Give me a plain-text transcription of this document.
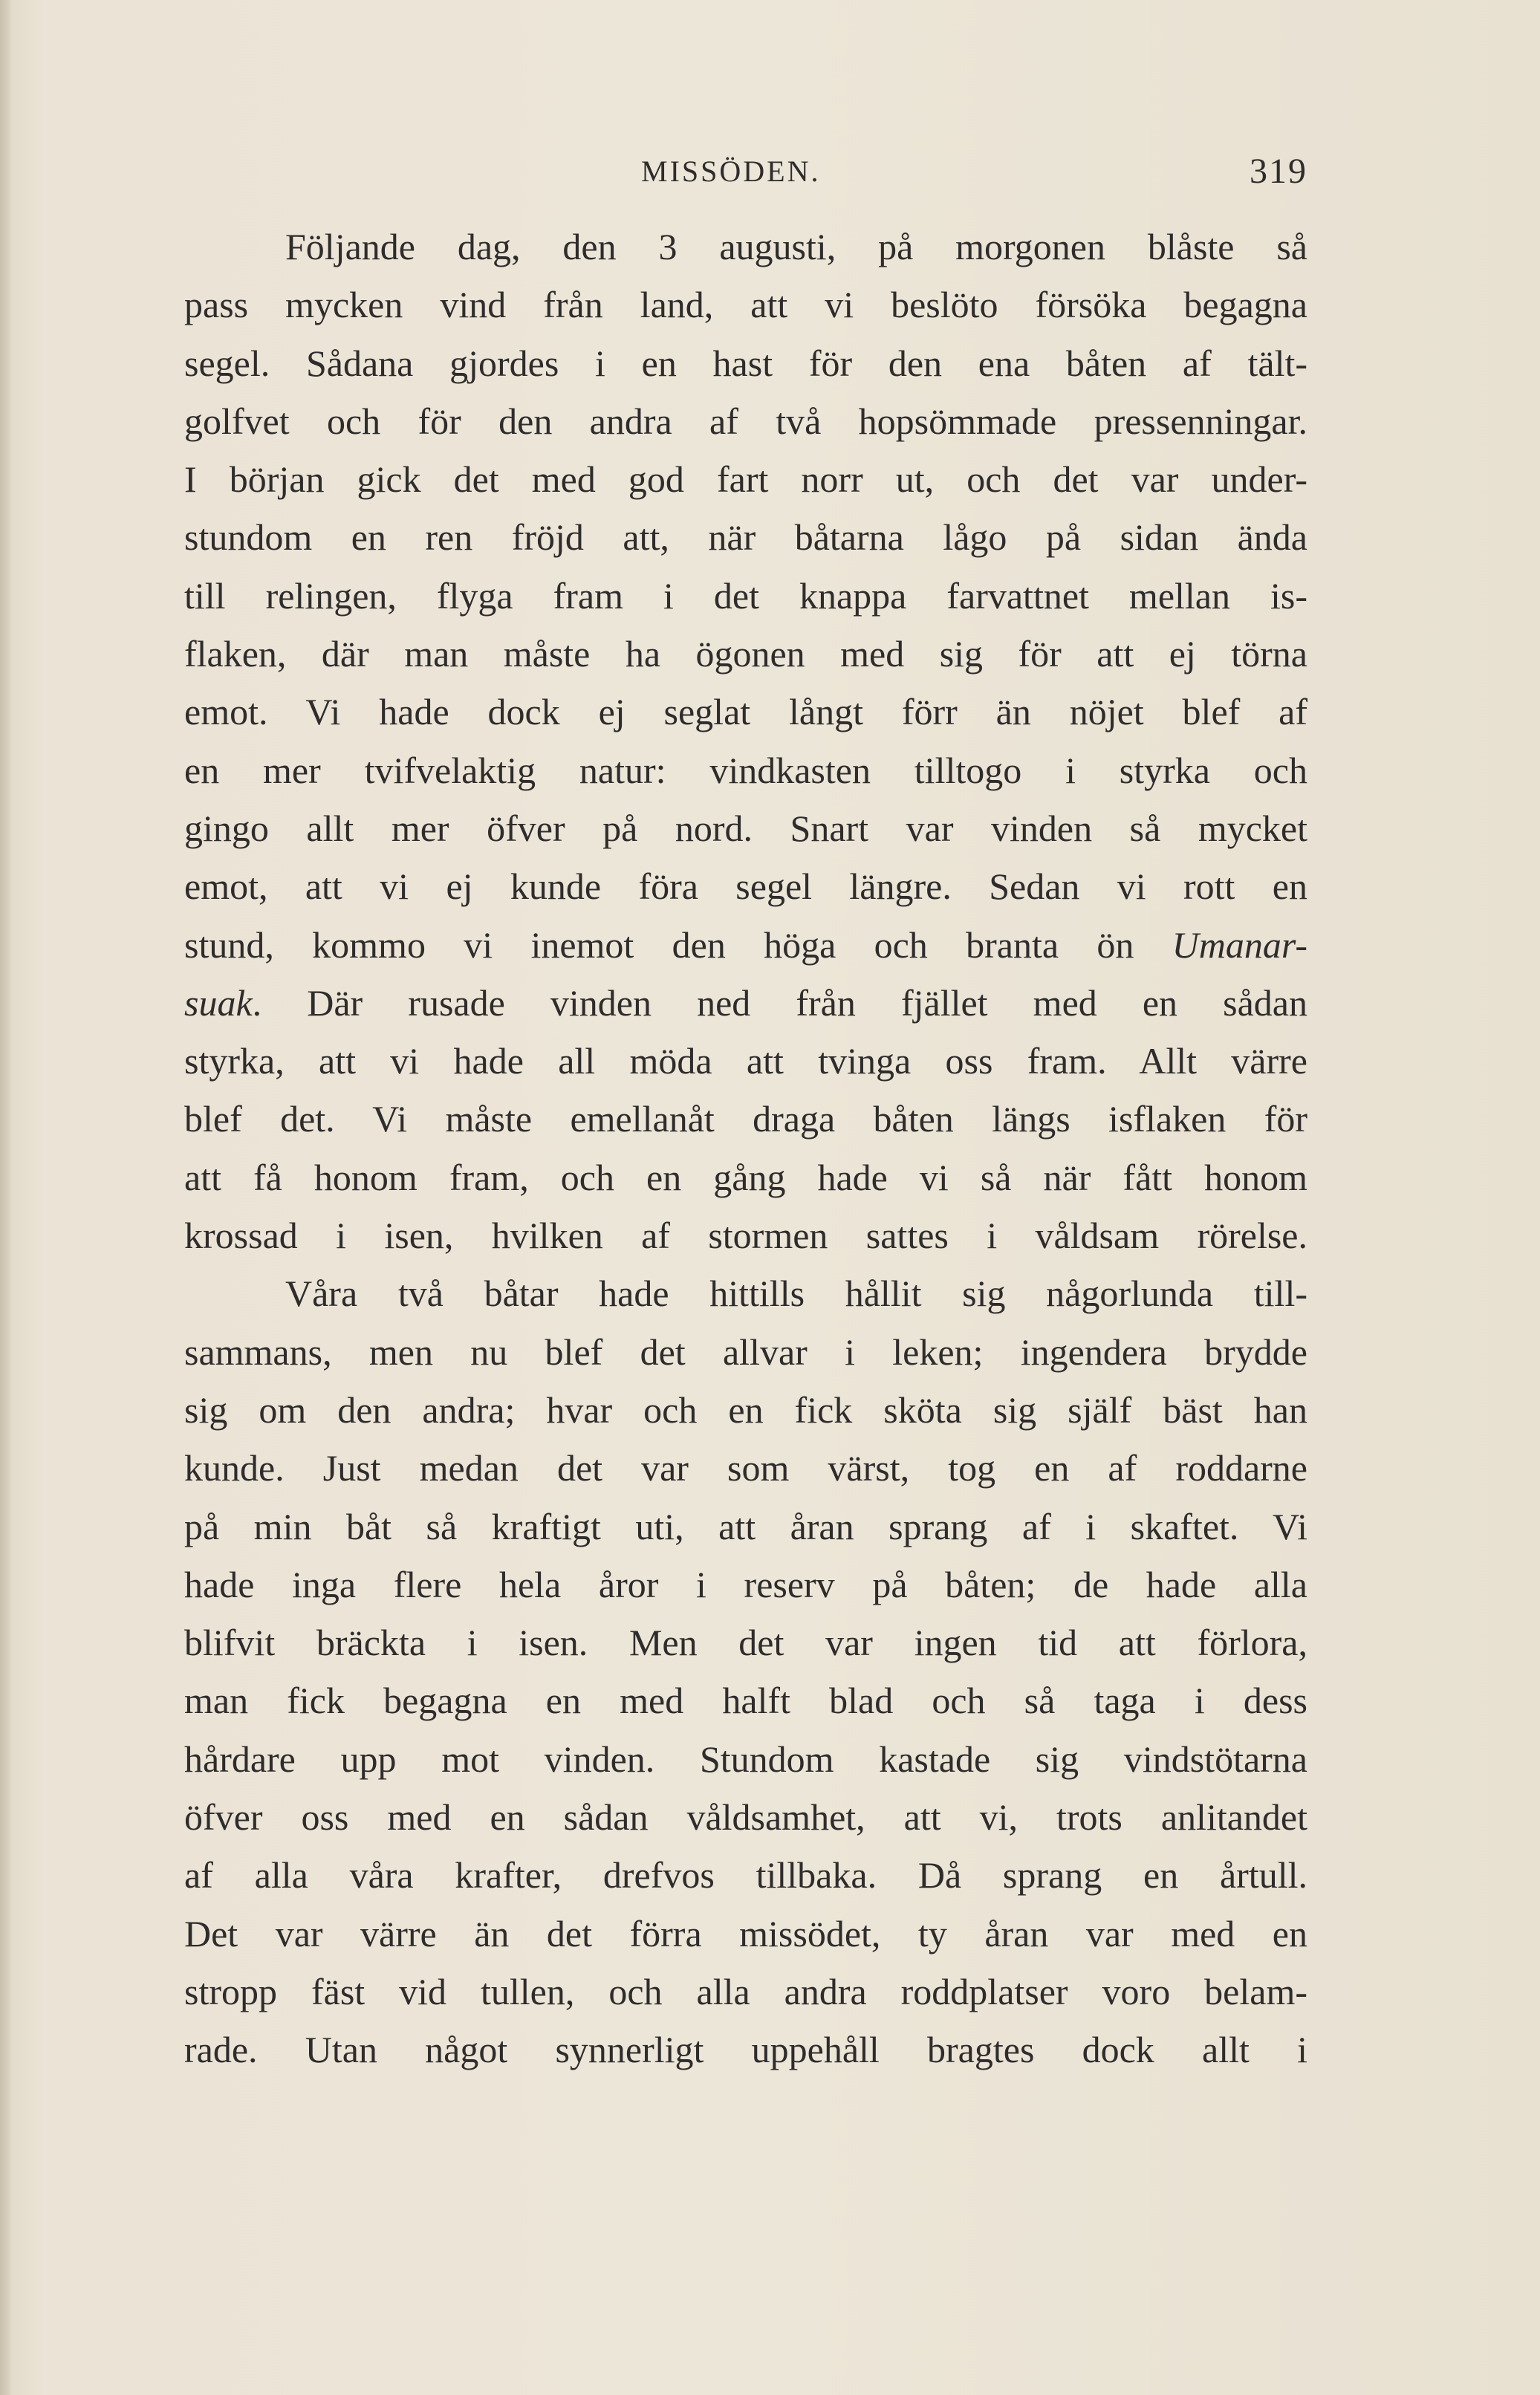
MISSÖDEN.	319
Följande dag, den 3 augusti, på morgonen blåste så
pass mycken vind från land, att vi beslöto försöka begagna
segel. Sådana gjordes i en hast för den ena båten af tält-
golfvet och för den andra af två hopsömmade pressenningar.
I början gick det med god fart norr ut, och det var under-
stundom en ren fröjd att, när båtarna lågo på sidan ända
till relingen, flyga fram i det knappa farvattnet mellan is-
flaken, där man måste ha ögonen med sig för att ej törna
emot. Vi hade dock ej seglat långt förr än nöjet blef af
en mer tvifvelaktig natur: vindkasten tilltogo i styrka och
gingo allt mer öfver på nord. Snart var vinden så mycket
emot, att vi ej kunde föra segel längre. Sedan vi rott en
stund, kommo vi inemot den höga och branta ön Umanar-
suak. Där rusade vinden ned från fjället med en sådan
styrka, att vi hade all möda att tvinga oss fram. Allt värre
blef det. Vi måste emellanåt draga båten längs isflaken för
att få honom fram, och en gång hade vi så när fått honom
krossad i isen, hvilken af stormen sattes i våldsam rörelse.
Våra två båtar hade hittills hållit sig någorlunda till-
sammans, men nu blef det allvar i leken; ingendera brydde
sig om den andra; hvar och en fick sköta sig själf bäst han
kunde. Just medan det var som värst, tog en af roddarne
på min båt så kraftigt uti, att åran sprang af i skaftet. Vi
hade inga flere hela åror i reserv på båten; de hade alla
blifvit bräckta i isen. Men det var ingen tid att förlora,
man fick begagna en med halft blad och så taga i dess
hårdare upp mot vinden. Stundom kastade sig vindstötarna
öfver oss med en sådan våldsamhet, att vi, trots anlitandet
af alla våra krafter, drefvos tillbaka. Då sprang en årtull.
Det var värre än det förra missödet, ty åran var med en
stropp fäst vid tullen, och alla andra roddplatser voro belam-
rade. Utan något synnerligt uppehåll bragtes dock allt i
